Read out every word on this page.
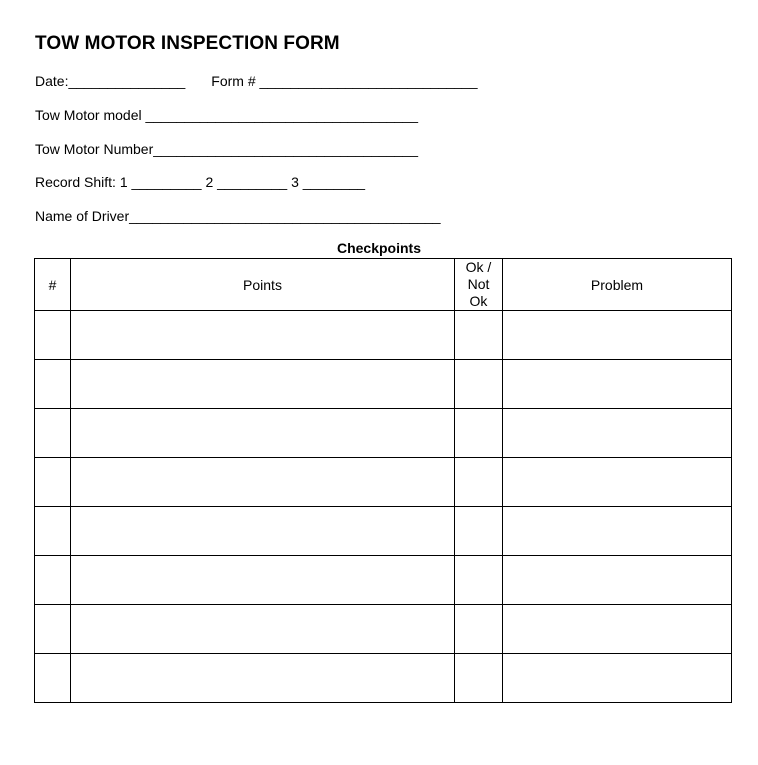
TOW MOTOR INSPECTION FORM
Date:_______________ Form # ____________________________
Tow Motor model ___________________________________
Tow Motor Number__________________________________
Record Shift: 1 _________ 2 _________ 3 ________
Name of Driver________________________________________
Checkpoints
#	Points	Ok /
Not
Ok	Problem
